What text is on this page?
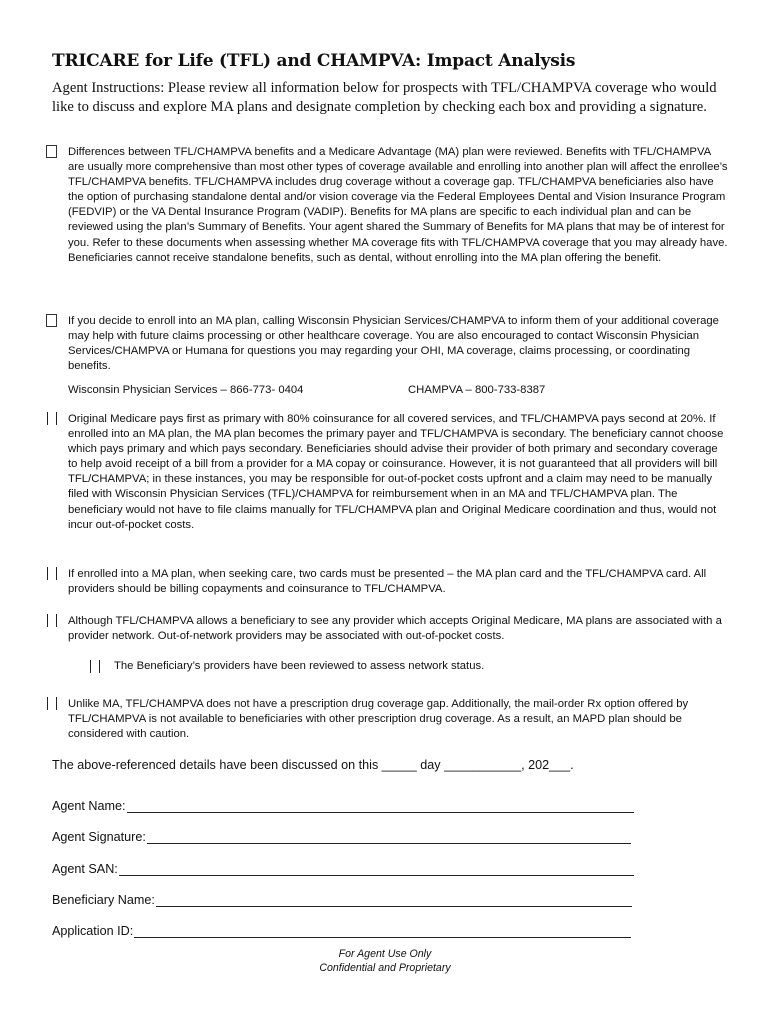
TRICARE for Life (TFL) and CHAMPVA: Impact Analysis
Agent Instructions: Please review all information below for prospects with TFL/CHAMPVA coverage who would like to discuss and explore MA plans and designate completion by checking each box and providing a signature.
Differences between TFL/CHAMPVA benefits and a Medicare Advantage (MA) plan were reviewed. Benefits with TFL/CHAMPVA are usually more comprehensive than most other types of coverage available and enrolling into another plan will affect the enrollee’s TFL/CHAMPVA benefits. TFL/CHAMPVA includes drug coverage without a coverage gap. TFL/CHAMPVA beneficiaries also have the option of purchasing standalone dental and/or vision coverage via the Federal Employees Dental and Vision Insurance Program (FEDVIP) or the VA Dental Insurance Program (VADIP). Benefits for MA plans are specific to each individual plan and can be reviewed using the plan’s Summary of Benefits. Your agent shared the Summary of Benefits for MA plans that may be of interest for you. Refer to these documents when assessing whether MA coverage fits with TFL/CHAMPVA coverage that you may already have. Beneficiaries cannot receive standalone benefits, such as dental, without enrolling into the MA plan offering the benefit.
If you decide to enroll into an MA plan, calling Wisconsin Physician Services/CHAMPVA to inform them of your additional coverage may help with future claims processing or other healthcare coverage. You are also encouraged to contact Wisconsin Physician Services/CHAMPVA or Humana for questions you may regarding your OHI, MA coverage, claims processing, or coordinating benefits.
Wisconsin Physician Services – 866-773- 0404	CHAMPVA – 800-733-8387
Original Medicare pays first as primary with 80% coinsurance for all covered services, and TFL/CHAMPVA pays second at 20%. If enrolled into an MA plan, the MA plan becomes the primary payer and TFL/CHAMPVA is secondary. The beneficiary cannot choose which pays primary and which pays secondary. Beneficiaries should advise their provider of both primary and secondary coverage to help avoid receipt of a bill from a provider for a MA copay or coinsurance. However, it is not guaranteed that all providers will bill TFL/CHAMPVA; in these instances, you may be responsible for out-of-pocket costs upfront and a claim may need to be manually filed with Wisconsin Physician Services (TFL)/CHAMPVA for reimbursement when in an MA and TFL/CHAMPVA plan. The beneficiary would not have to file claims manually for TFL/CHAMPVA plan and Original Medicare coordination and thus, would not incur out-of-pocket costs.
If enrolled into a MA plan, when seeking care, two cards must be presented – the MA plan card and the TFL/CHAMPVA card. All providers should be billing copayments and coinsurance to TFL/CHAMPVA.
Although TFL/CHAMPVA allows a beneficiary to see any provider which accepts Original Medicare, MA plans are associated with a provider network. Out-of-network providers may be associated with out-of-pocket costs.
The Beneficiary’s providers have been reviewed to assess network status.
Unlike MA, TFL/CHAMPVA does not have a prescription drug coverage gap. Additionally, the mail-order Rx option offered by TFL/CHAMPVA is not available to beneficiaries with other prescription drug coverage. As a result, an MAPD plan should be considered with caution.
The above-referenced details have been discussed on this _____ day ___________, 202___.
Agent Name:
Agent Signature:
Agent SAN:
Beneficiary Name:
Application ID:
For Agent Use Only
Confidential and Proprietary
